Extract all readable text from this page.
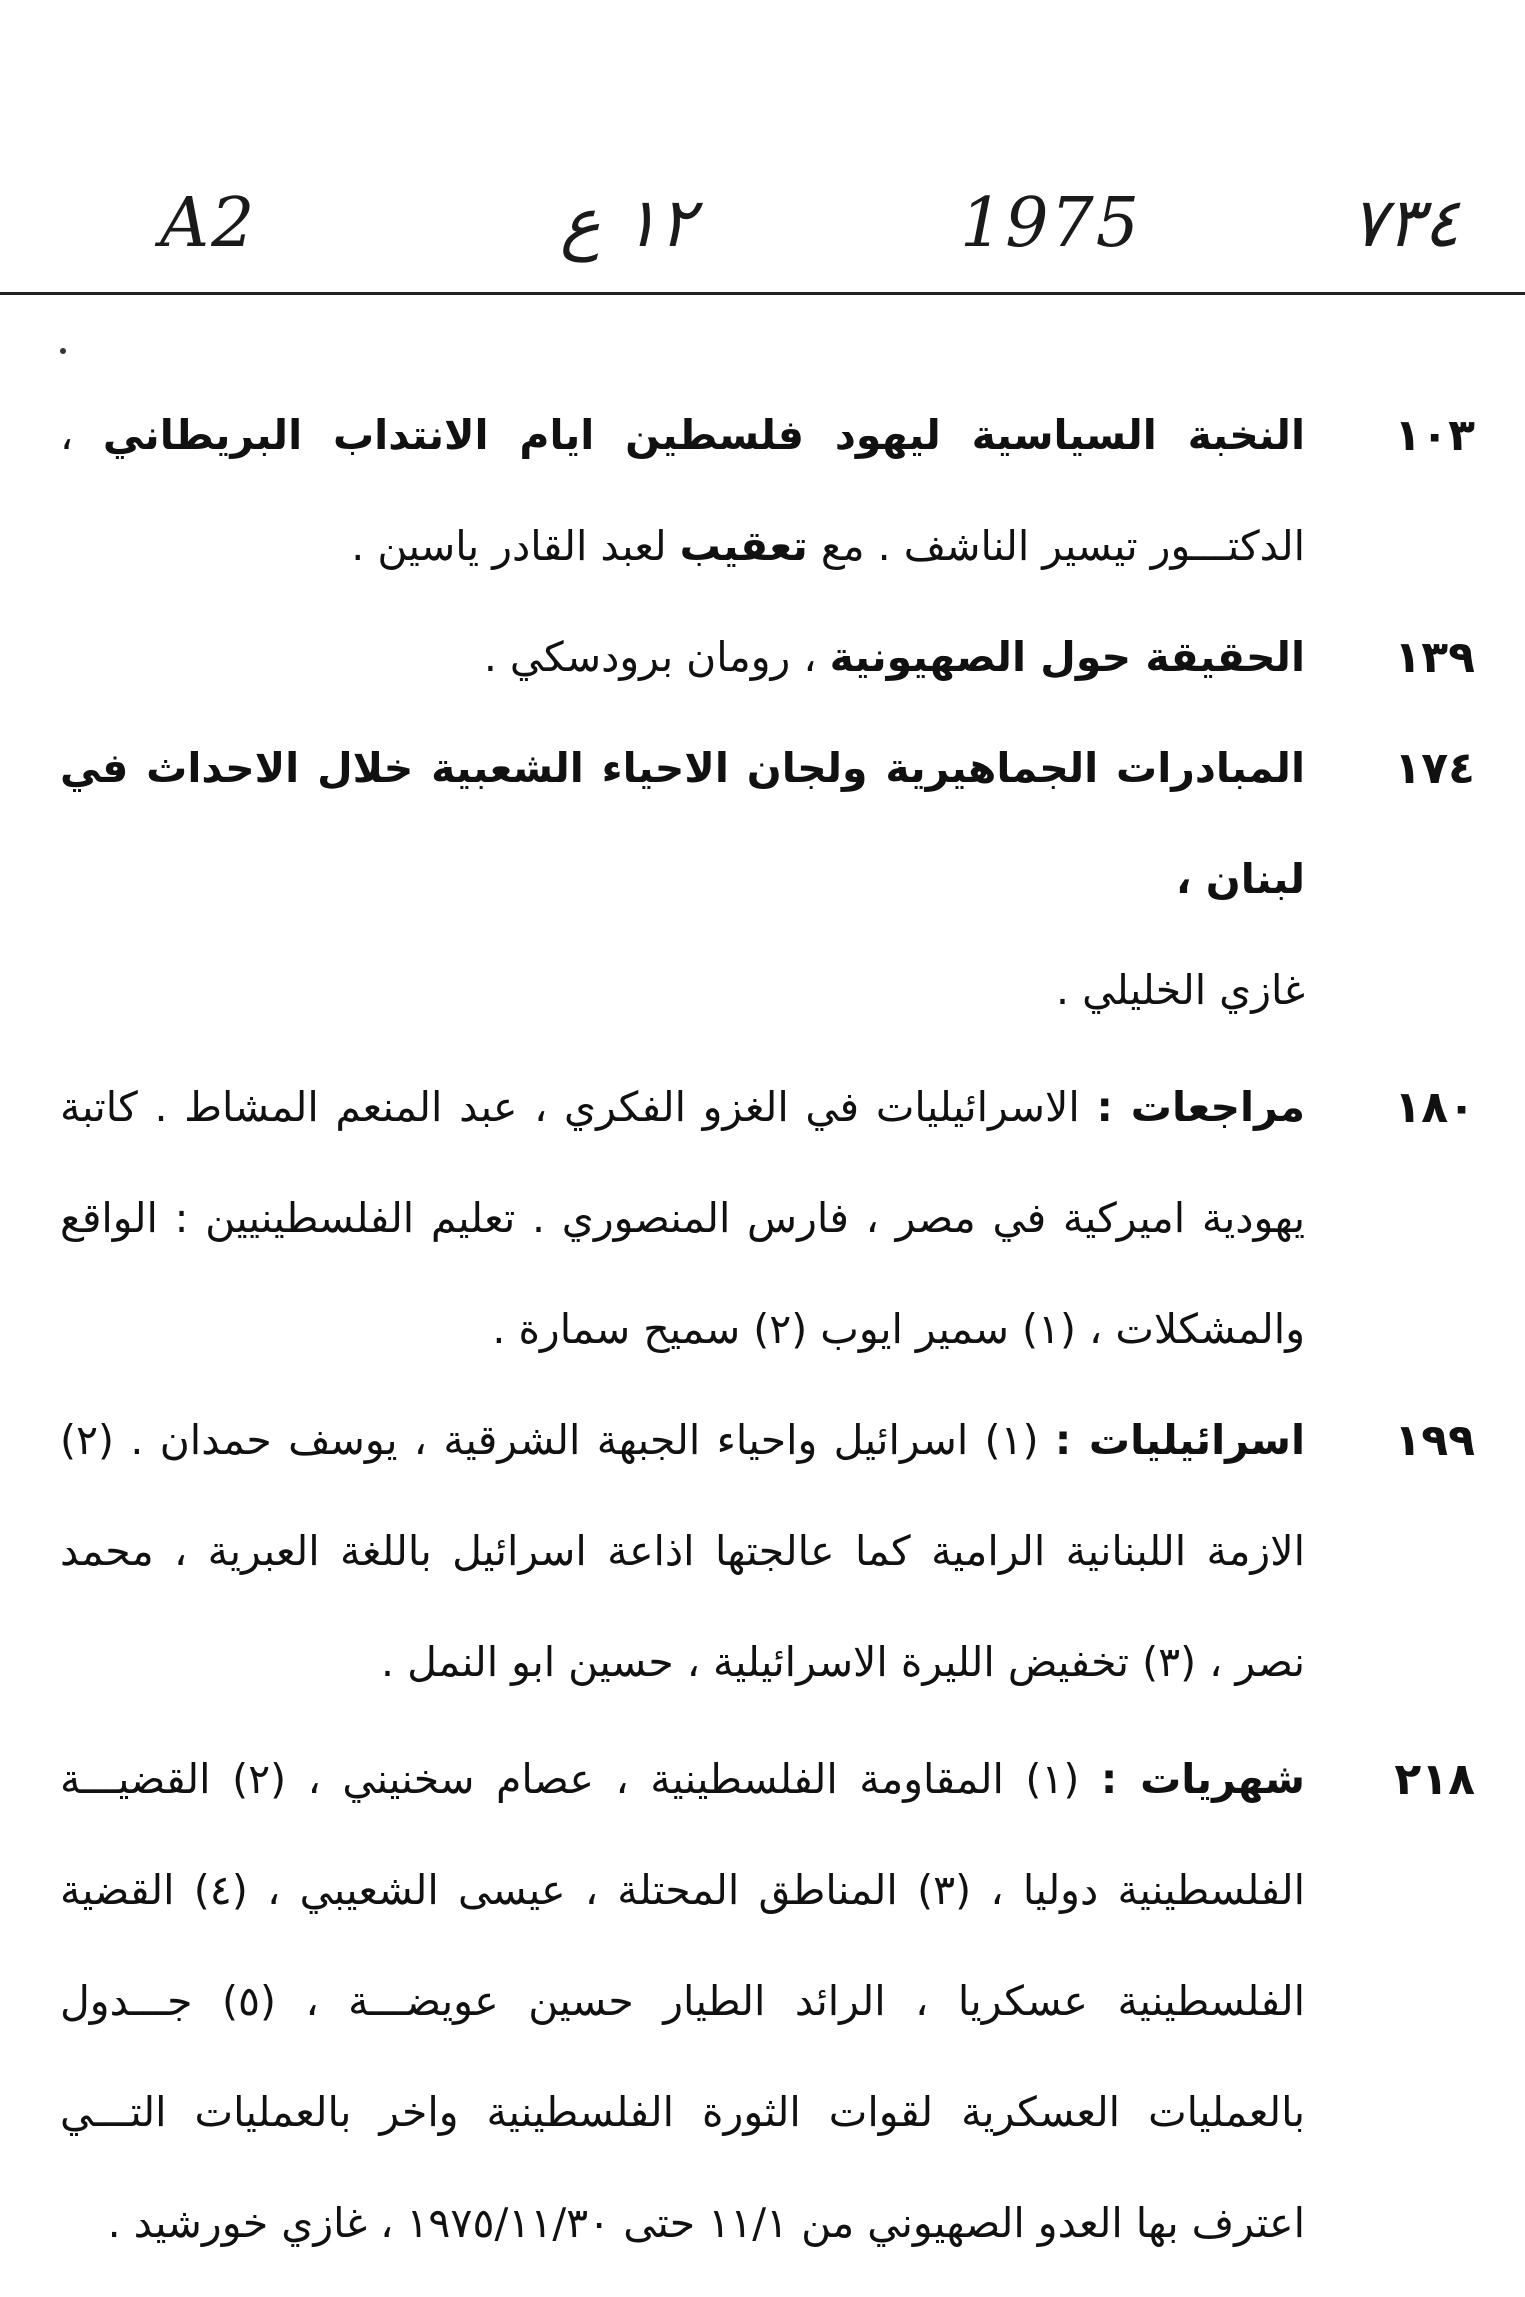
A2	١٢ ع	1975	٧٣٤
١٠٣
النخبة السياسية ليهود فلسطين ايام الانتداب البريطاني ، الدكتـــور تيسير الناشف . مع تعقيب لعبد القادر ياسين .
١٣٩
الحقيقة حول الصهيونية ، رومان برودسكي .
١٧٤
المبادرات الجماهيرية ولجان الاحياء الشعبية خلال الاحداث في لبنان ،
غازي الخليلي .
١٨٠
مراجعات : الاسرائيليات في الغزو الفكري ، عبد المنعم المشاط . كاتبة يهودية اميركية في مصر ، فارس المنصوري . تعليم الفلسطينيين : الواقع والمشكلات ، (١) سمير ايوب (٢) سميح سمارة .
١٩٩
اسرائيليات : (١) اسرائيل واحياء الجبهة الشرقية ، يوسف حمدان . (٢) الازمة اللبنانية الرامية كما عالجتها اذاعة اسرائيل باللغة العبرية ، محمد نصر ، (٣) تخفيض الليرة الاسرائيلية ، حسين ابو النمل .
٢١٨
شهريات : (١) المقاومة الفلسطينية ، عصام سخنيني ، (٢) القضيـــة الفلسطينية دوليا ، (٣) المناطق المحتلة ، عيسى الشعيبي ، (٤) القضية الفلسطينية عسكريا ، الرائد الطيار حسين عويضـــة ، (٥) جـــدول بالعمليات العسكرية لقوات الثورة الفلسطينية واخر بالعمليات التـــي اعترف بها العدو الصهيوني من ١١/١ حتى ١٩٧٥/١١/٣٠ ، غازي خورشيد .
